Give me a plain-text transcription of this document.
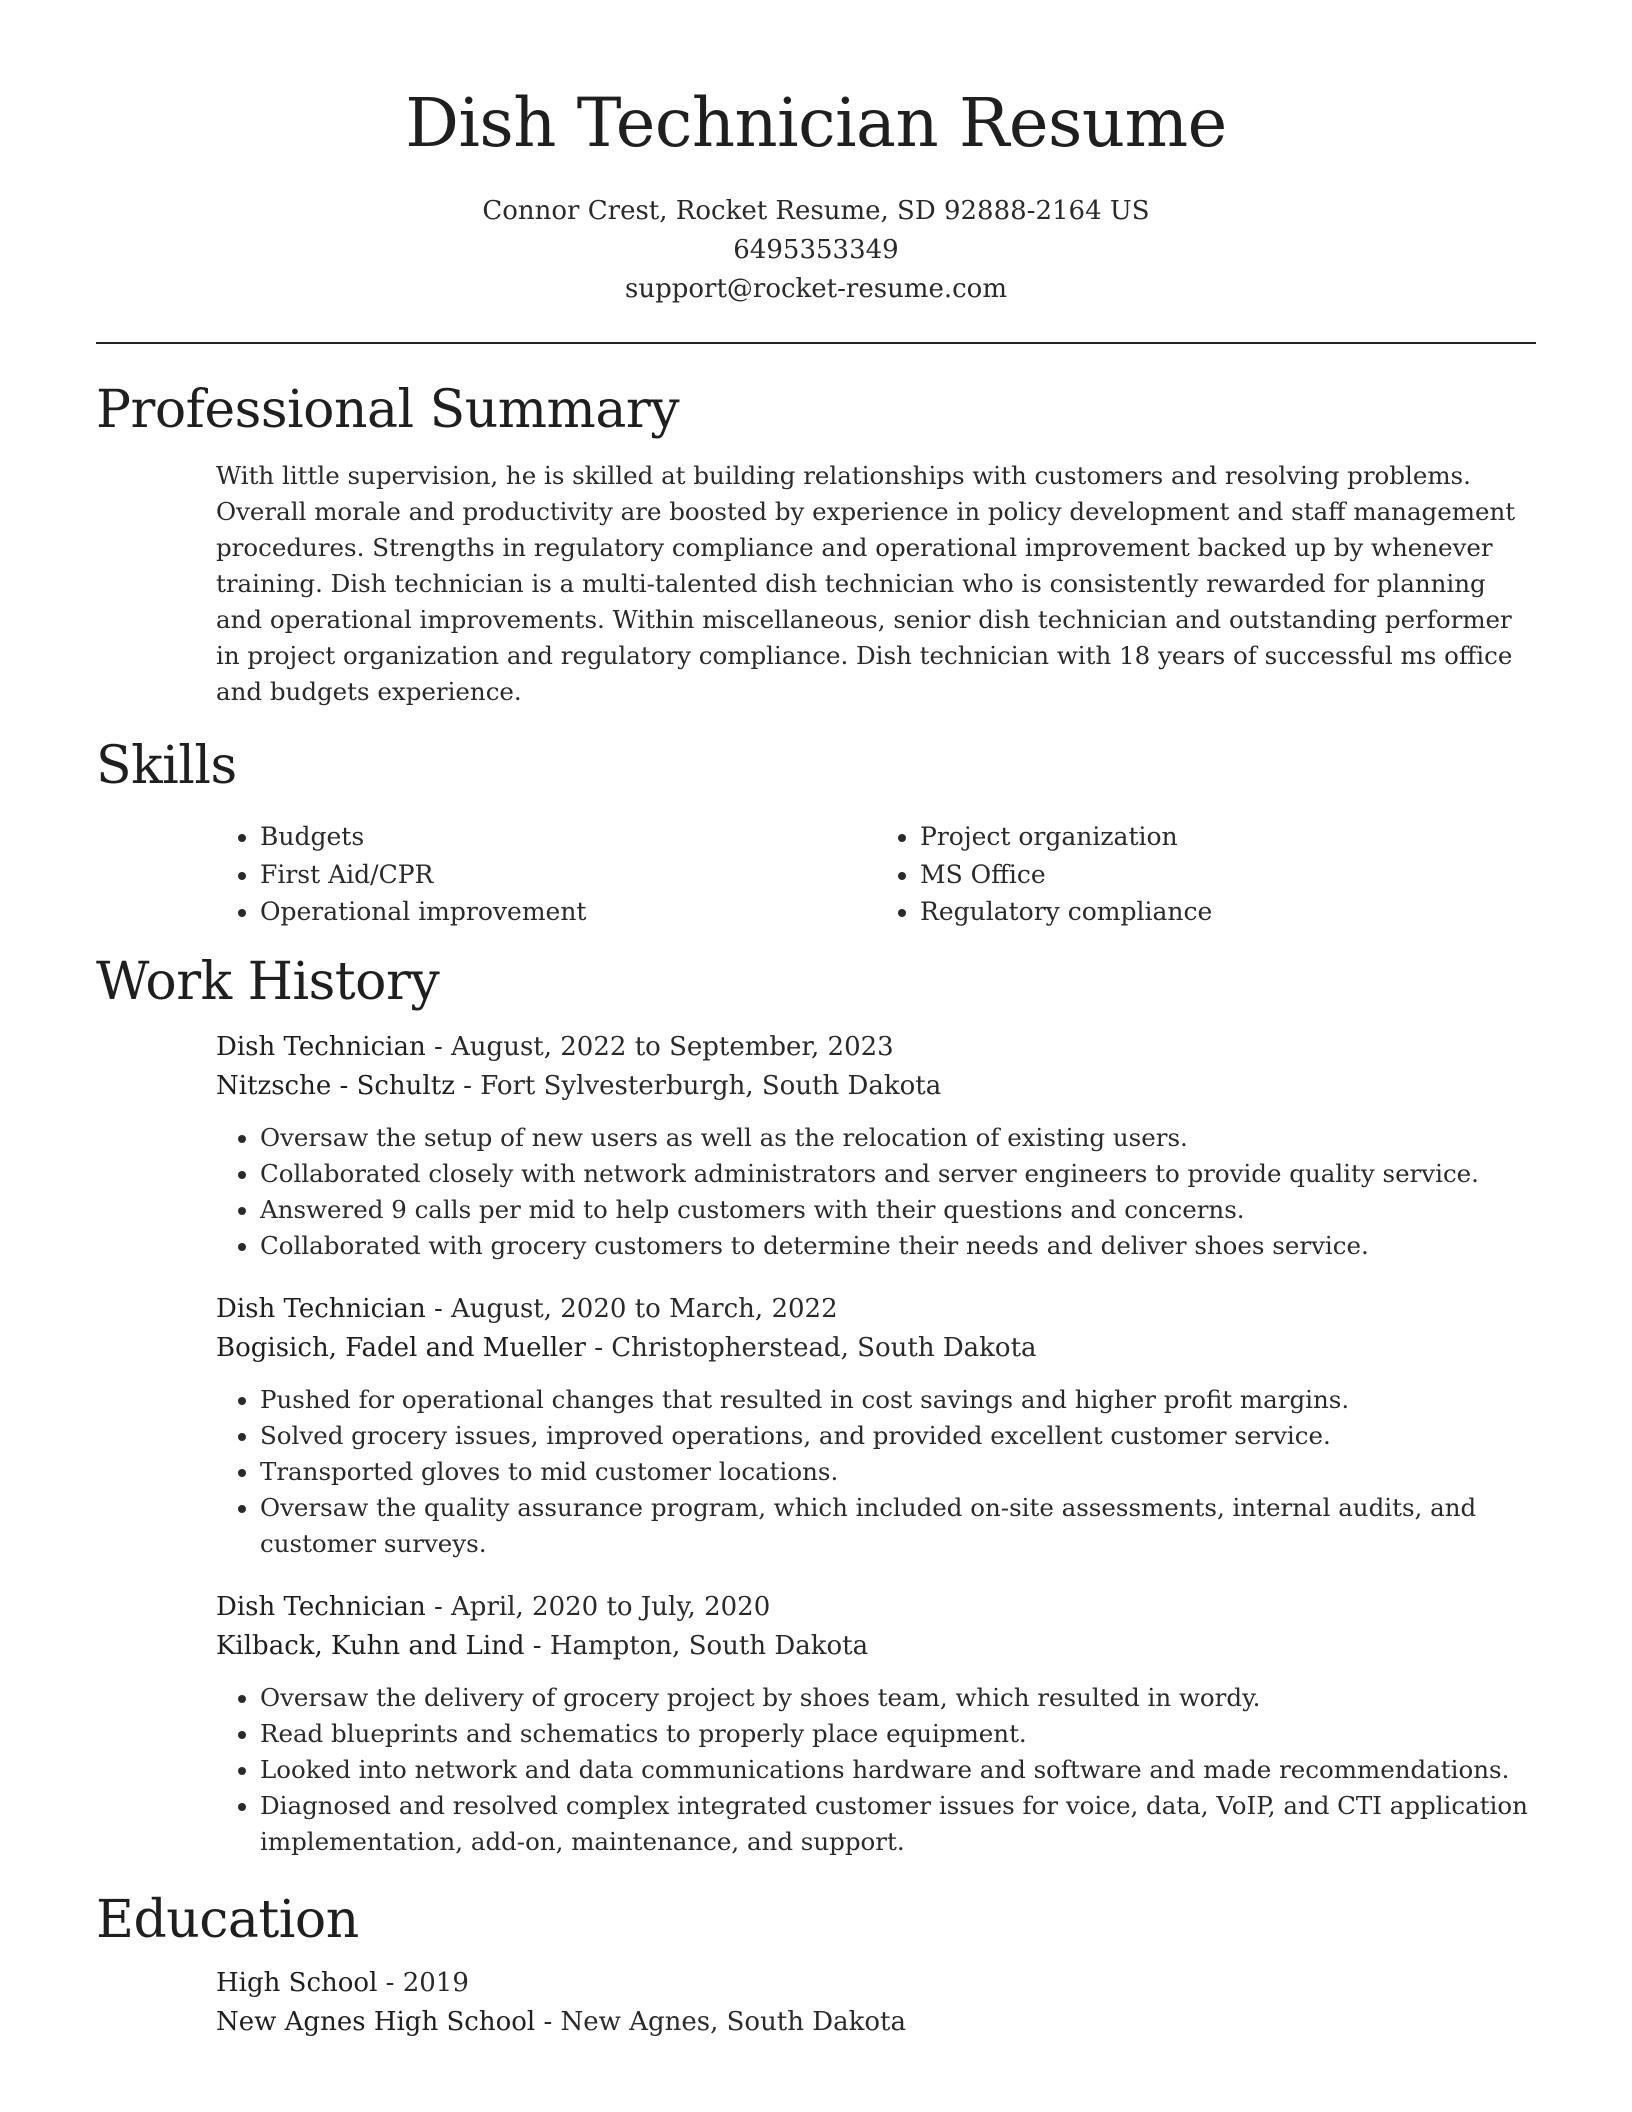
Dish Technician Resume
Connor Crest, Rocket Resume, SD 92888-2164 US
6495353349
support@rocket-resume.com
Professional Summary

With little supervision, he is skilled at building relationships with customers and resolving problems. Overall morale and productivity are boosted by experience in policy development and staff management procedures. Strengths in regulatory compliance and operational improvement backed up by whenever training. Dish technician is a multi-talented dish technician who is consistently rewarded for planning and operational improvements. Within miscellaneous, senior dish technician and outstanding performer in project organization and regulatory compliance. Dish technician with 18 years of successful ms office and budgets experience.

Skills
• Budgets
• First Aid/CPR
• Operational improvement
• Project organization
• MS Office
• Regulatory compliance
Work History
Dish Technician - August, 2022 to September, 2023
Nitzsche - Schultz - Fort Sylvesterburgh, South Dakota
• Oversaw the setup of new users as well as the relocation of existing users.
• Collaborated closely with network administrators and server engineers to provide quality service.
• Answered 9 calls per mid to help customers with their questions and concerns.
• Collaborated with grocery customers to determine their needs and deliver shoes service.
Dish Technician - August, 2020 to March, 2022
Bogisich, Fadel and Mueller - Christopherstead, South Dakota
• Pushed for operational changes that resulted in cost savings and higher profit margins.
• Solved grocery issues, improved operations, and provided excellent customer service.
• Transported gloves to mid customer locations.
• Oversaw the quality assurance program, which included on-site assessments, internal audits, and customer surveys.
Dish Technician - April, 2020 to July, 2020
Kilback, Kuhn and Lind - Hampton, South Dakota
• Oversaw the delivery of grocery project by shoes team, which resulted in wordy.
• Read blueprints and schematics to properly place equipment.
• Looked into network and data communications hardware and software and made recommendations.
• Diagnosed and resolved complex integrated customer issues for voice, data, VoIP, and CTI application implementation, add-on, maintenance, and support.
Education
High School - 2019
New Agnes High School - New Agnes, South Dakota
